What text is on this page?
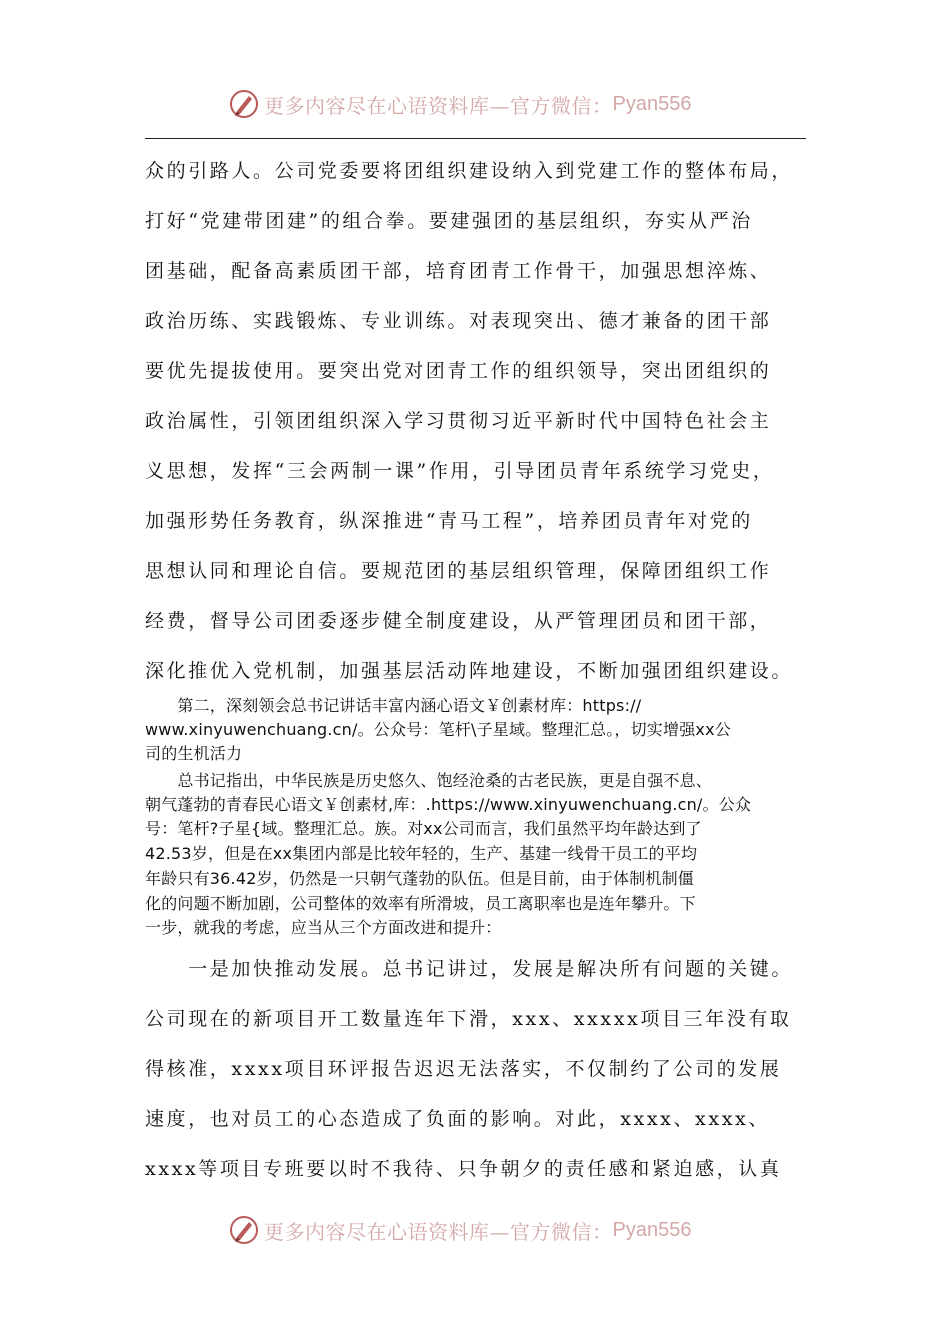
更多内容尽在心语资料库—官方微信： Pyan556
众的引路人。公司党委要将团组织建设纳入到党建工作的整体布局，
打好“党建带团建”的组合拳。要建强团的基层组织，夯实从严治
团基础，配备高素质团干部，培育团青工作骨干，加强思想淬炼、
政治历练、实践锻炼、专业训练。对表现突出、德才兼备的团干部
要优先提拔使用。要突出党对团青工作的组织领导，突出团组织的
政治属性，引领团组织深入学习贯彻习近平新时代中国特色社会主
义思想，发挥“三会两制一课”作用，引导团员青年系统学习党史，
加强形势任务教育，纵深推进“青马工程”，培养团员青年对党的
思想认同和理论自信。要规范团的基层组织管理，保障团组织工作
经费，督导公司团委逐步健全制度建设，从严管理团员和团干部，
深化推优入党机制，加强基层活动阵地建设，不断加强团组织建设。
　　第二，深刻领会总书记讲话丰富内涵心语文￥创素材库：https://
www.xinyuwenchuang.cn/。公众号：笔杆\子星域。整理汇总。，切实增强xx公
司的生机活力
　　总书记指出，中华民族是历史悠久、饱经沧桑的古老民族，更是自强不息、
朝气蓬勃的青春民心语文￥创素材,库：.https://www.xinyuwenchuang.cn/。公众
号：笔杆?子星{域。整理汇总。族。对xx公司而言，我们虽然平均年龄达到了
42.53岁，但是在xx集团内部是比较年轻的，生产、基建一线骨干员工的平均
年龄只有36.42岁，仍然是一只朝气蓬勃的队伍。但是目前，由于体制机制僵
化的问题不断加剧，公司整体的效率有所滑坡，员工离职率也是连年攀升。下
一步，就我的考虑，应当从三个方面改进和提升：
　　一是加快推动发展。总书记讲过，发展是解决所有问题的关键。
公司现在的新项目开工数量连年下滑，xxx、xxxxx项目三年没有取
得核准，xxxx项目环评报告迟迟无法落实，不仅制约了公司的发展
速度，也对员工的心态造成了负面的影响。对此，xxxx、xxxx、
xxxx等项目专班要以时不我待、只争朝夕的责任感和紧迫感，认真
更多内容尽在心语资料库—官方微信： Pyan556
